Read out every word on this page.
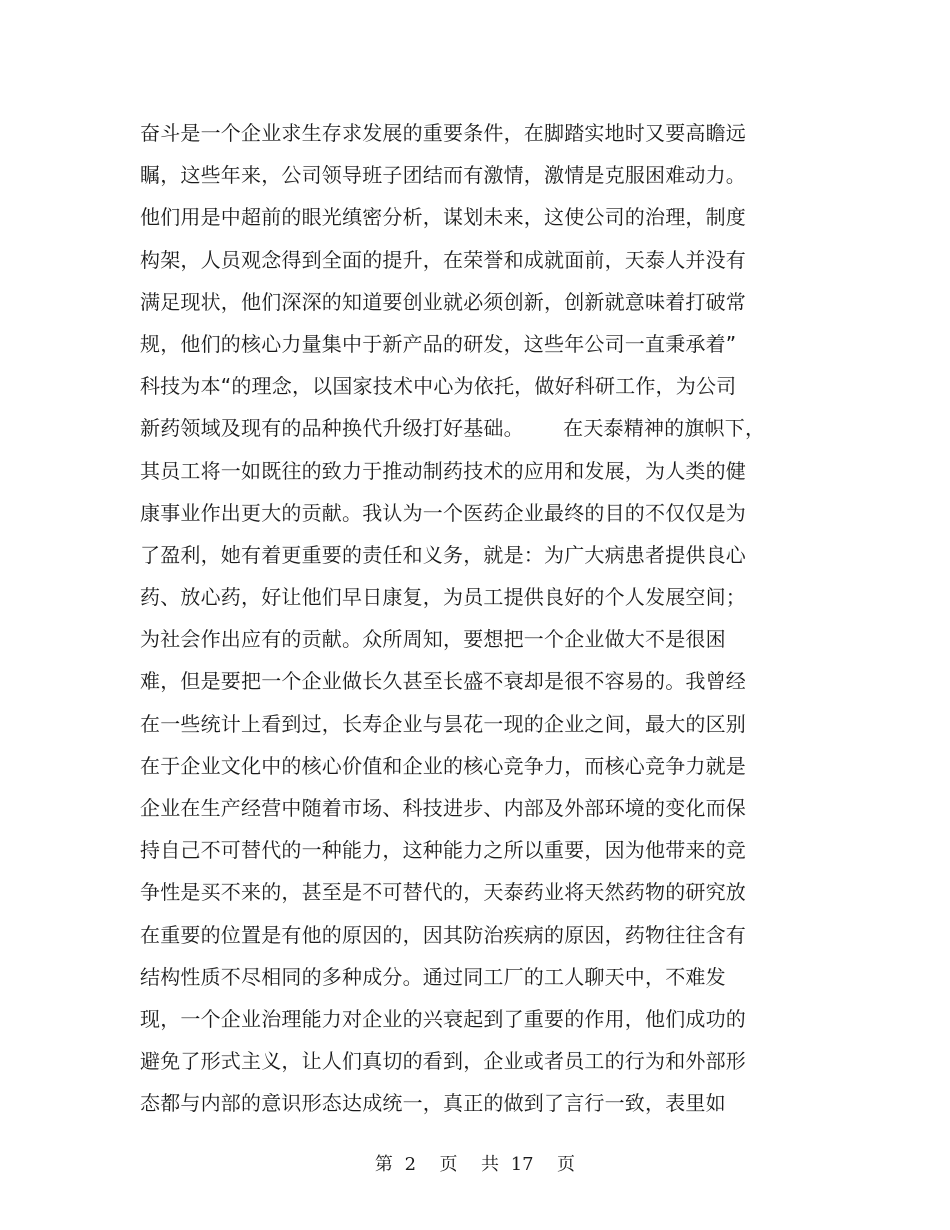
奋斗是一个企业求生存求发展的重要条件，在脚踏实地时又要高瞻远
瞩，这些年来，公司领导班子团结而有激情，激情是克服困难动力。
他们用是中超前的眼光缜密分析，谋划未来，这使公司的治理，制度
构架，人员观念得到全面的提升，在荣誉和成就面前，天泰人并没有
满足现状，他们深深的知道要创业就必须创新，创新就意味着打破常
规，他们的核心力量集中于新产品的研发，这些年公司一直秉承着”
科技为本“的理念，以国家技术中心为依托，做好科研工作，为公司
新药领域及现有的品种换代升级打好基础。      在天泰精神的旗帜下，
其员工将一如既往的致力于推动制药技术的应用和发展，为人类的健
康事业作出更大的贡献。我认为一个医药企业最终的目的不仅仅是为
了盈利，她有着更重要的责任和义务，就是：为广大病患者提供良心
药、放心药，好让他们早日康复，为员工提供良好的个人发展空间；
为社会作出应有的贡献。众所周知，要想把一个企业做大不是很困
难，但是要把一个企业做长久甚至长盛不衰却是很不容易的。我曾经
在一些统计上看到过，长寿企业与昙花一现的企业之间，最大的区别
在于企业文化中的核心价值和企业的核心竞争力，而核心竞争力就是
企业在生产经营中随着市场、科技进步、内部及外部环境的变化而保
持自己不可替代的一种能力，这种能力之所以重要，因为他带来的竞
争性是买不来的，甚至是不可替代的，天泰药业将天然药物的研究放
在重要的位置是有他的原因的，因其防治疾病的原因，药物往往含有
结构性质不尽相同的多种成分。通过同工厂的工人聊天中，不难发
现，一个企业治理能力对企业的兴衰起到了重要的作用，他们成功的
避免了形式主义，让人们真切的看到，企业或者员工的行为和外部形
态都与内部的意识形态达成统一，真正的做到了言行一致，表里如
第 2  页  共 17  页
